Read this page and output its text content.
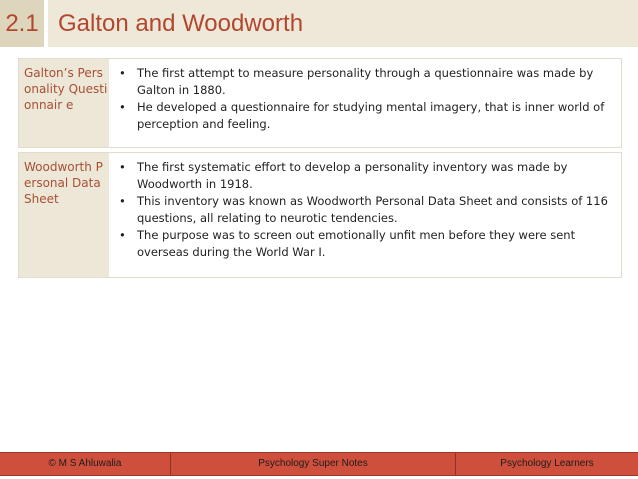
2.1 Galton and Woodworth
Galton’s Personality Questionnair e
• The first attempt to measure personality through a questionnaire was made by Galton in 1880.
• He developed a questionnaire for studying mental imagery, that is inner world of perception and feeling.
Woodworth Personal Data Sheet
• The first systematic effort to develop a personality inventory was made by Woodworth in 1918.
• This inventory was known as Woodworth Personal Data Sheet and consists of 116 questions, all relating to neurotic tendencies.
• The purpose was to screen out emotionally unfit men before they were sent overseas during the World War I.
© M S Ahluwalia	Psychology Super Notes	Psychology Learners
